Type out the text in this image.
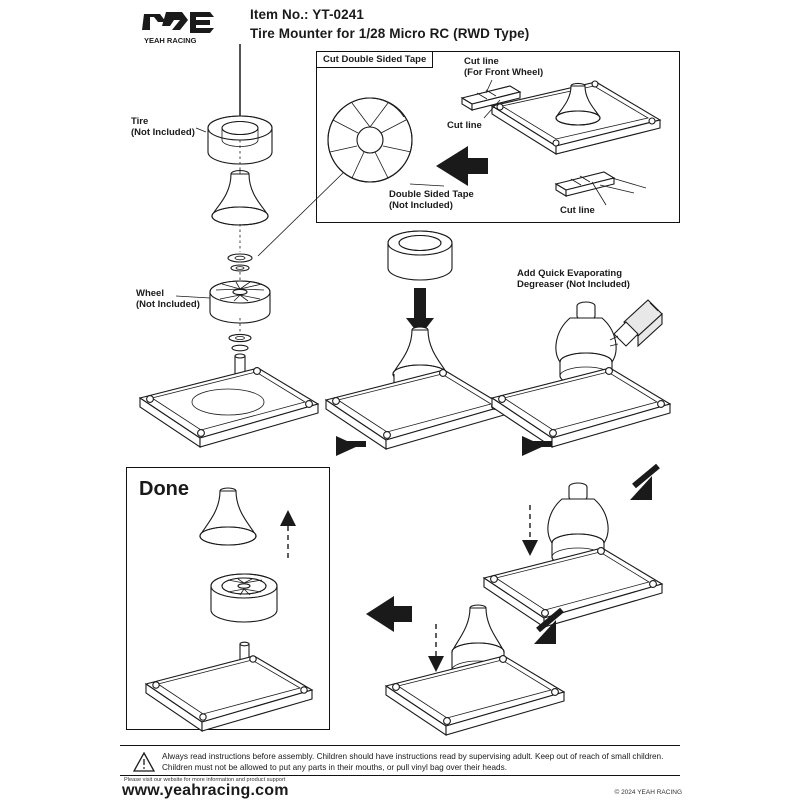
YEAH RACING
Item No.: YT-0241
Tire Mounter for 1/28 Micro RC (RWD Type)
Cut Double Sided Tape
Done
Tire
(Not Included)
Wheel
(Not Included)
Cut line
(For Front Wheel)
Cut line
Cut line
Double Sided Tape
(Not Included)
Add Quick Evaporating
Degreaser (Not Included)
Always read instructions before assembly. Children should have instructions read by supervising adult. Keep out of reach of small children.
Children must not be allowed to put any parts in their mouths, or pull vinyl bag over their heads.
Please visit our website for more information and product support
www.yeahracing.com	© 2024 YEAH RACING
